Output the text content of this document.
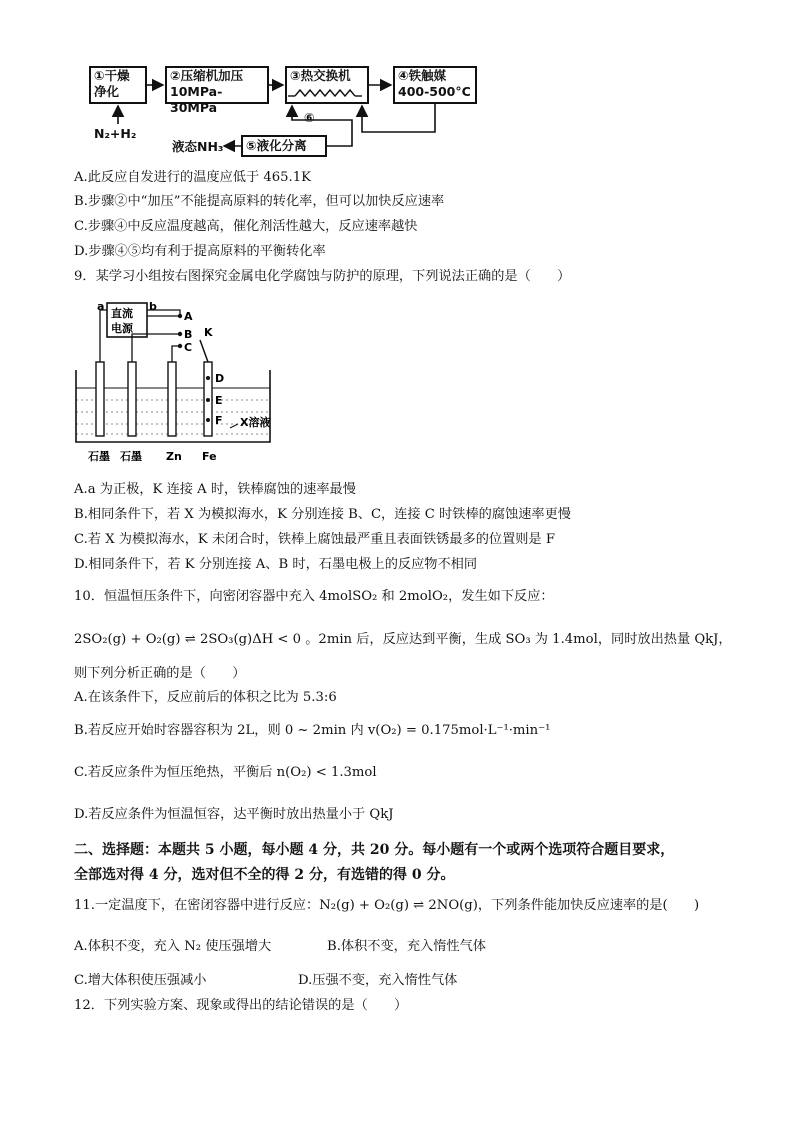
①干燥
净化
②压缩机加压
10MPa-30MPa
③热交换机	④铁触媒
400-500°C
⑤液化分离
⑥
N₂+H₂
液态NH₃
A.此反应自发进行的温度应低于 465.1K
B.步骤②中“加压”不能提高原料的转化率，但可以加快反应速率
C.步骤④中反应温度越高，催化剂活性越大，反应速率越快
D.步骤④⑤均有利于提高原料的平衡转化率
9．某学习小组按右图探究金属电化学腐蚀与防护的原理，下列说法正确的是（　　）
直流
电源
a	b
A
B
C
K
D
E
F X溶液
石墨 石墨 Zn Fe
A.a 为正极，K 连接 A 时，铁棒腐蚀的速率最慢
B.相同条件下，若 X 为模拟海水，K 分别连接 B、C，连接 C 时铁棒的腐蚀速率更慢
C.若 X 为模拟海水，K 未闭合时，铁棒上腐蚀最严重且表面铁锈最多的位置则是 F
D.相同条件下，若 K 分别连接 A、B 时，石墨电极上的反应物不相同
10．恒温恒压条件下，向密闭容器中充入 4molSO₂ 和 2molO₂，发生如下反应：
2SO₂(g) + O₂(g) ⇌ 2SO₃(g)ΔH < 0 。2min 后，反应达到平衡，生成 SO₃ 为 1.4mol，同时放出热量 QkJ，
则下列分析正确的是（　　）
A.在该条件下，反应前后的体积之比为 5.3:6
B.若反应开始时容器容积为 2L，则 0 ~ 2min 内 v(O₂) = 0.175mol·L⁻¹·min⁻¹
C.若反应条件为恒压绝热，平衡后 n(O₂) < 1.3mol
D.若反应条件为恒温恒容，达平衡时放出热量小于 QkJ
二、选择题：本题共 5 小题，每小题 4 分，共 20 分。每小题有一个或两个选项符合题目要求，
全部选对得 4 分，选对但不全的得 2 分，有选错的得 0 分。
11.一定温度下，在密闭容器中进行反应：N₂(g) + O₂(g) ⇌ 2NO(g)，下列条件能加快反应速率的是(　　)
A.体积不变，充入 N₂ 使压强增大	B.体积不变，充入惰性气体
C.增大体积使压强减小	D.压强不变，充入惰性气体
12．下列实验方案、现象或得出的结论错误的是（　　）
